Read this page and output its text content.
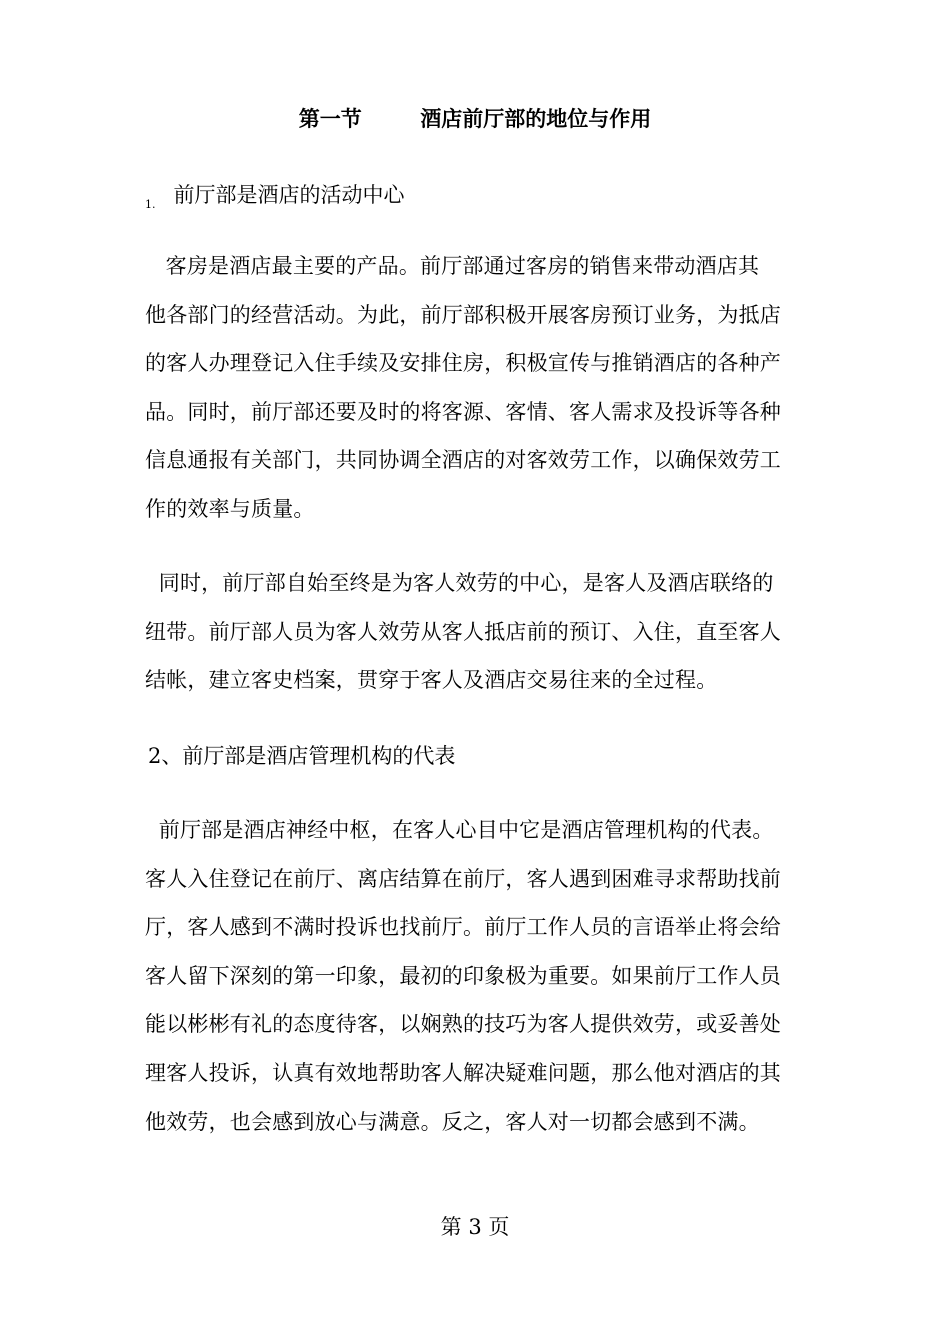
第一节        酒店前厅部的地位与作用
1. 前厅部是酒店的活动中心
客房是酒店最主要的产品。前厅部通过客房的销售来带动酒店其
他各部门的经营活动。为此，前厅部积极开展客房预订业务，为抵店
的客人办理登记入住手续及安排住房，积极宣传与推销酒店的各种产
品。同时，前厅部还要及时的将客源、客情、客人需求及投诉等各种
信息通报有关部门，共同协调全酒店的对客效劳工作，以确保效劳工
作的效率与质量。
同时，前厅部自始至终是为客人效劳的中心，是客人及酒店联络的
纽带。前厅部人员为客人效劳从客人抵店前的预订、入住，直至客人
结帐，建立客史档案，贯穿于客人及酒店交易往来的全过程。
2、前厅部是酒店管理机构的代表
前厅部是酒店神经中枢，在客人心目中它是酒店管理机构的代表。
客人入住登记在前厅、离店结算在前厅，客人遇到困难寻求帮助找前
厅，客人感到不满时投诉也找前厅。前厅工作人员的言语举止将会给
客人留下深刻的第一印象，最初的印象极为重要。如果前厅工作人员
能以彬彬有礼的态度待客，以娴熟的技巧为客人提供效劳，或妥善处
理客人投诉，认真有效地帮助客人解决疑难问题，那么他对酒店的其
他效劳，也会感到放心与满意。反之，客人对一切都会感到不满。
第 3 页
